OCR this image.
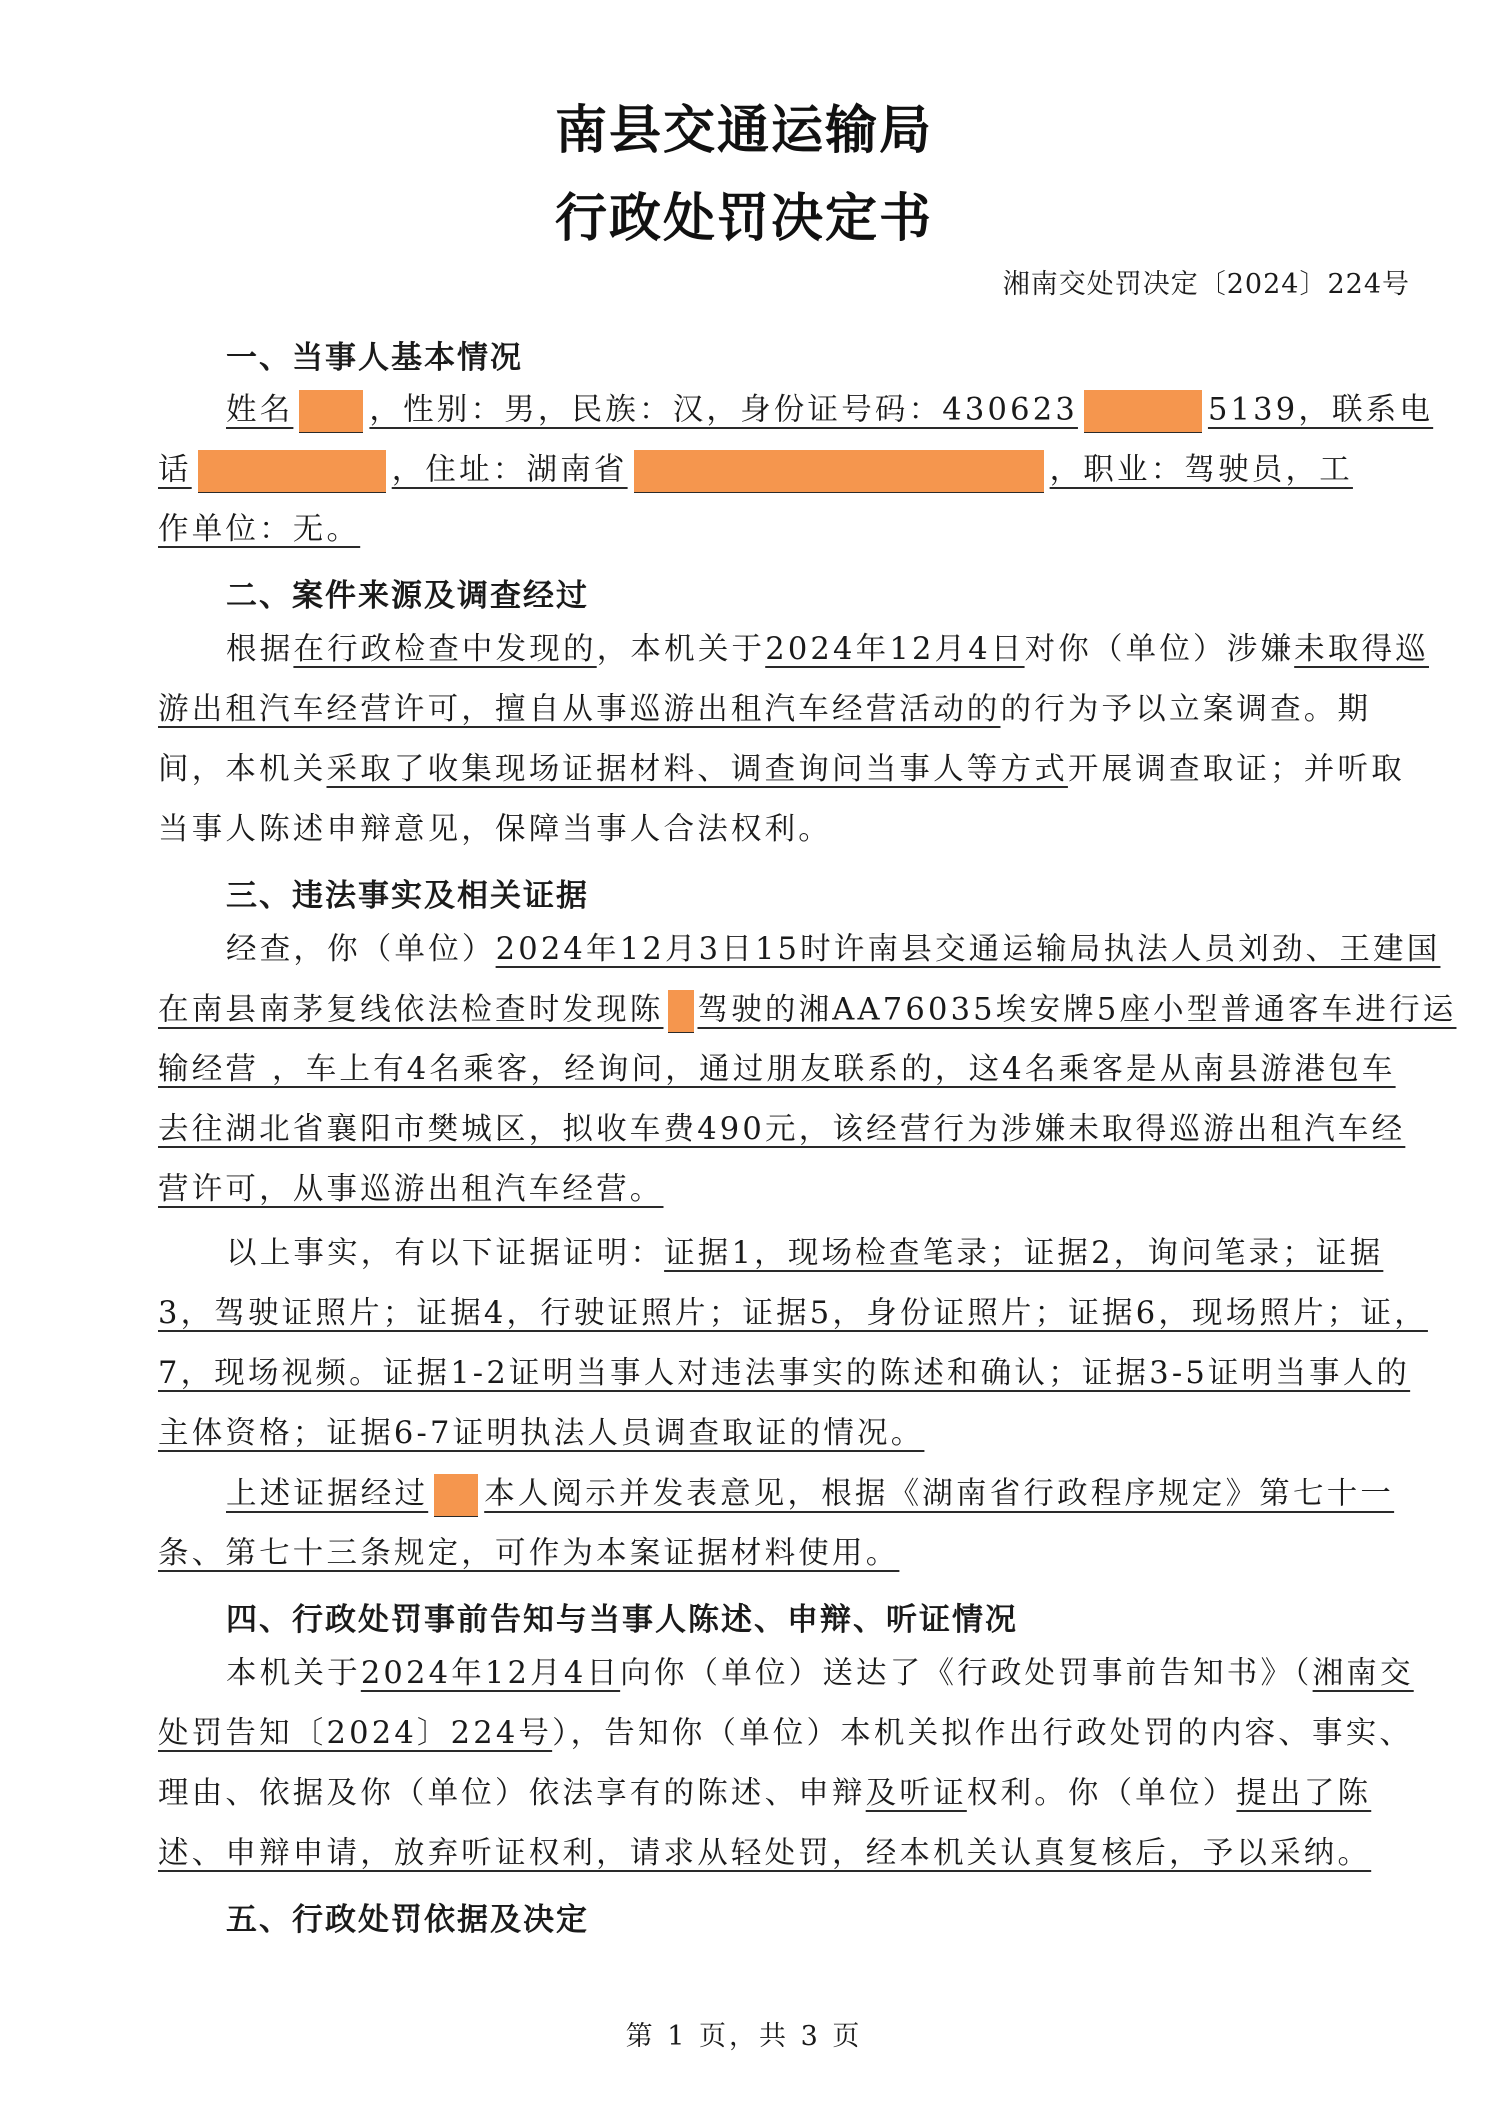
南县交通运输局
行政处罚决定书
湘南交处罚决定〔2024〕224号
一、当事人基本情况
姓名 ，性别：男，民族：汉，身份证号码：430623	5139，联系电
话	，住址：湖南省	，职业：驾驶员，工
作单位：无。
二、案件来源及调查经过
根据在行政检查中发现的，本机关于2024年12月4日对你（单位）涉嫌未取得巡
游出租汽车经营许可，擅自从事巡游出租汽车经营活动的的行为予以立案调查。期
间，本机关采取了收集现场证据材料、调查询问当事人等方式开展调查取证；并听取
当事人陈述申辩意见，保障当事人合法权利。
三、违法事实及相关证据
经查，你（单位）2024年12月3日15时许南县交通运输局执法人员刘劲、王建国
在南县南茅复线依法检查时发现陈 驾驶的湘AA76035埃安牌5座小型普通客车进行运
输经营 ，车上有4名乘客，经询问，通过朋友联系的，这4名乘客是从南县游港包车
去往湖北省襄阳市樊城区，拟收车费490元，该经营行为涉嫌未取得巡游出租汽车经
营许可，从事巡游出租汽车经营。
以上事实，有以下证据证明：证据1，现场检查笔录；证据2，询问笔录；证据
3，驾驶证照片；证据4，行驶证照片；证据5，身份证照片；证据6，现场照片；证，
7，现场视频。证据1-2证明当事人对违法事实的陈述和确认；证据3-5证明当事人的
主体资格；证据6-7证明执法人员调查取证的情况。
上述证据经过 本人阅示并发表意见，根据《湖南省行政程序规定》第七十一
条、第七十三条规定，可作为本案证据材料使用。
四、行政处罚事前告知与当事人陈述、申辩、听证情况
本机关于2024年12月4日向你（单位）送达了《行政处罚事前告知书》（湘南交
处罚告知〔2024〕224号），告知你（单位）本机关拟作出行政处罚的内容、事实、
理由、依据及你（单位）依法享有的陈述、申辩及听证权利。你（单位）提出了陈
述、申辩申请，放弃听证权利，请求从轻处罚，经本机关认真复核后，予以采纳。
五、行政处罚依据及决定
第 1 页，共 3 页
